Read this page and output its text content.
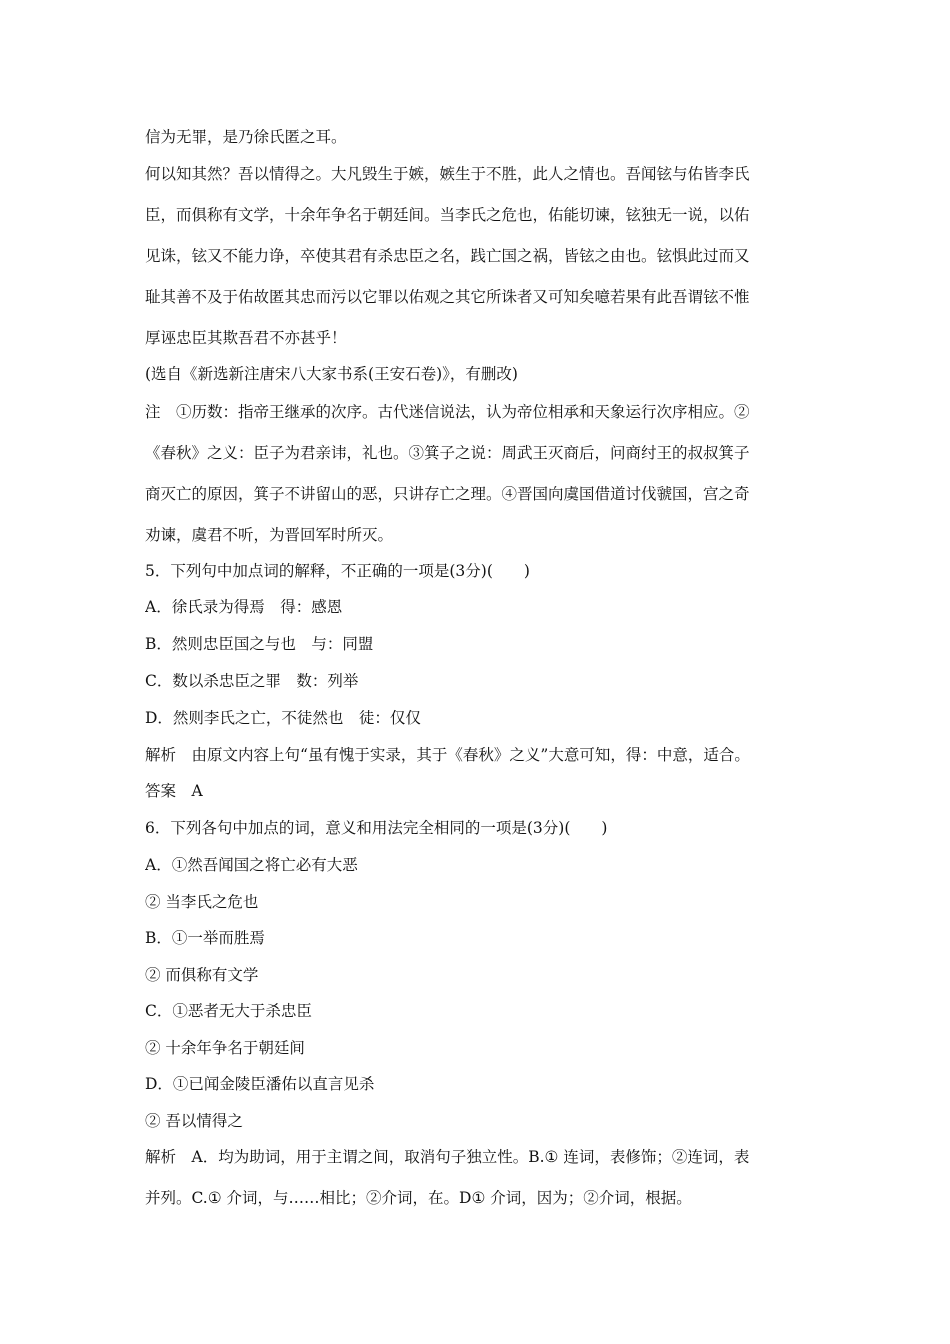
信为无罪，是乃徐氏匿之耳。
何以知其然？吾以情得之。大凡毁生于嫉，嫉生于不胜，此人之情也。吾闻铉与佑皆李氏
臣，而俱称有文学，十余年争名于朝廷间。当李氏之危也，佑能切谏，铉独无一说，以佑
见诛，铉又不能力诤，卒使其君有杀忠臣之名，践亡国之祸，皆铉之由也。铉惧此过而又
耻其善不及于佑故匿其忠而污以它罪以佑观之其它所诛者又可知矣噫若果有此吾谓铉不惟
厚诬忠臣其欺吾君不亦甚乎！
(选自《新选新注唐宋八大家书系(王安石卷)》，有删改)
注　①历数：指帝王继承的次序。古代迷信说法，认为帝位相承和天象运行次序相应。②
《春秋》之义：臣子为君亲讳，礼也。③箕子之说：周武王灭商后，问商纣王的叔叔箕子
商灭亡的原因，箕子不讲留山的恶，只讲存亡之理。④晋国向虞国借道讨伐虢国，宫之奇
劝谏，虞君不听，为晋回军时所灭。
5．下列句中加点词的解释，不正确的一项是(3分)(　　)
A．徐氏录为得焉　得：感恩
B．然则忠臣国之与也　与：同盟
C．数以杀忠臣之罪　数：列举
D．然则李氏之亡，不徒然也　徒：仅仅
解析　由原文内容上句“虽有愧于实录，其于《春秋》之义”大意可知，得：中意，适合。
答案　A
6．下列各句中加点的词，意义和用法完全相同的一项是(3分)(　　)
A．①然吾闻国之将亡必有大恶
② 当李氏之危也
B．①一举而胜焉
② 而俱称有文学
C．①恶者无大于杀忠臣
② 十余年争名于朝廷间
D．①已闻金陵臣潘佑以直言见杀
② 吾以情得之
解析　A．均为助词，用于主谓之间，取消句子独立性。B.① 连词，表修饰；②连词，表
并列。C.① 介词，与……相比；②介词，在。D① 介词，因为；②介词，根据。
